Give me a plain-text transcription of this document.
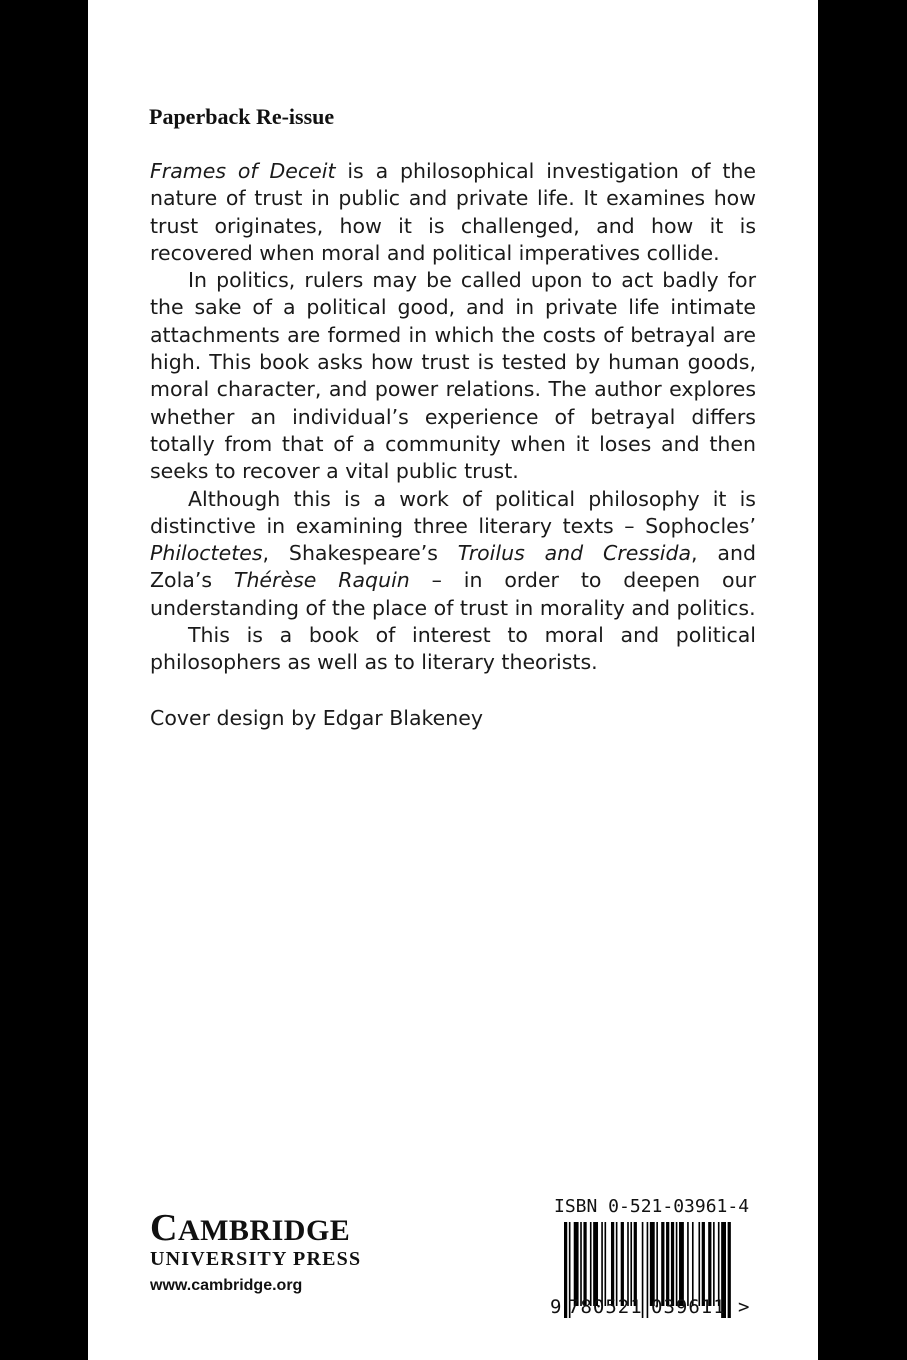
Paperback Re-issue

Frames of Deceit is a philosophical investigation of the nature of trust in public and private life. It examines how trust originates, how it is challenged, and how it is recovered when moral and political imperatives collide.

In politics, rulers may be called upon to act badly for the sake of a political good, and in private life intimate attachments are formed in which the costs of betrayal are high. This book asks how trust is tested by human goods, moral character, and power relations. The author explores whether an individual’s experience of betrayal differs totally from that of a community when it loses and then seeks to recover a vital public trust.

Although this is a work of political philosophy it is distinctive in examining three literary texts – Sophocles’ Philoctetes, Shakespeare’s Troilus and Cressida, and Zola’s Thérèse Raquin – in order to deepen our understanding of the place of trust in morality and politics.

This is a book of interest to moral and political philosophers as well as to literary theorists.

Cover design by Edgar Blakeney

CAMBRIDGE
UNIVERSITY PRESS
www.cambridge.org
ISBN 0-521-03961-4
9 780521 039611 >
